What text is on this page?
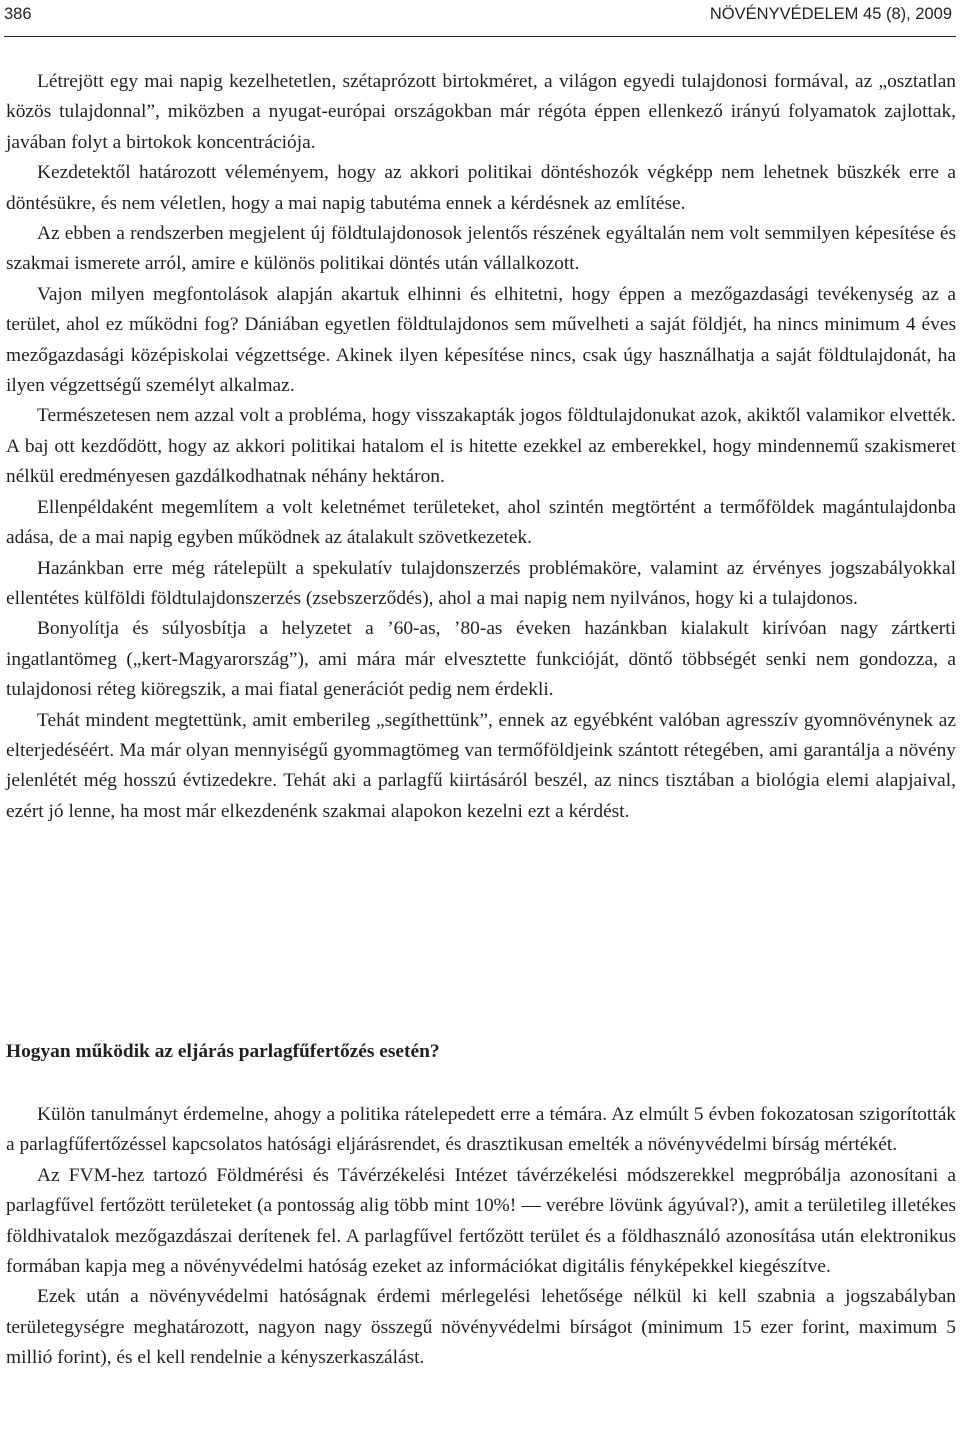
386	NÖVÉNYVÉDELEM 45 (8), 2009

Létrejött egy mai napig kezelhetetlen, szétaprózott birtokméret, a világon egyedi tulajdonosi formával, az „osztatlan közös tulajdonnal”, miközben a nyugat-európai országokban már régóta éppen ellenkező irányú folyamatok zajlottak, javában folyt a birtokok koncentrációja.

Kezdetektől határozott véleményem, hogy az akkori politikai döntéshozók végképp nem lehetnek büszkék erre a döntésükre, és nem véletlen, hogy a mai napig tabutéma ennek a kérdésnek az említése.

Az ebben a rendszerben megjelent új földtulajdonosok jelentős részének egyáltalán nem volt semmilyen képesítése és szakmai ismerete arról, amire e különös politikai döntés után vállalkozott.

Vajon milyen megfontolások alapján akartuk elhinni és elhitetni, hogy éppen a mezőgazdasági tevékenység az a terület, ahol ez működni fog? Dániában egyetlen földtulajdonos sem művelheti a saját földjét, ha nincs minimum 4 éves mezőgazdasági középiskolai végzettsége. Akinek ilyen képesítése nincs, csak úgy használhatja a saját földtulajdonát, ha ilyen végzettségű személyt alkalmaz.

Természetesen nem azzal volt a probléma, hogy visszakapták jogos földtulajdonukat azok, akiktől valamikor elvették. A baj ott kezdődött, hogy az akkori politikai hatalom el is hitette ezekkel az emberekkel, hogy mindennemű szakismeret nélkül eredményesen gazdálkodhatnak néhány hektáron.

Ellenpéldaként megemlítem a volt keletnémet területeket, ahol szintén megtörtént a termőföldek magántulajdonba adása, de a mai napig egyben működnek az átalakult szövetkezetek.

Hazánkban erre még rátelepült a spekulatív tulajdonszerzés problémaköre, valamint az érvényes jogszabályokkal ellentétes külföldi földtulajdonszerzés (zsebszerződés), ahol a mai napig nem nyilvános, hogy ki a tulajdonos.

Bonyolítja és súlyosbítja a helyzetet a ’60-as, ’80-as éveken hazánkban kialakult kirívóan nagy zártkerti ingatlantömeg („kert-Magyarország”), ami mára már elvesztette funkcióját, döntő többségét senki nem gondozza, a tulajdonosi réteg kiöregszik, a mai fiatal generációt pedig nem érdekli.

Tehát mindent megtettünk, amit emberileg „segíthettünk”, ennek az egyébként valóban agresszív gyomnövénynek az elterjedéséért. Ma már olyan mennyiségű gyommagtömeg van termőföldjeink szántott rétegében, ami garantálja a növény jelenlétét még hosszú évtizedekre. Tehát aki a parlagfű kiirtásáról beszél, az nincs tisztában a biológia elemi alapjaival, ezért jó lenne, ha most már elkezdenénk szakmai alapokon kezelni ezt a kérdést.

Hogyan működik az eljárás parlagfűfertőzés esetén?

Külön tanulmányt érdemelne, ahogy a politika rátelepedett erre a témára. Az elmúlt 5 évben fokozatosan szigorították a parlagfűfertőzéssel kapcsolatos hatósági eljárásrendet, és drasztikusan emelték a növényvédelmi bírság mértékét.

Az FVM-hez tartozó Földmérési és Távérzékelési Intézet távérzékelési módszerekkel megpróbálja azonosítani a parlagfűvel fertőzött területeket (a pontosság alig több mint 10%! — verébre lövünk ágyúval?), amit a területileg illetékes földhivatalok mezőgazdászai derítenek fel. A parlagfűvel fertőzött terület és a földhasználó azonosítása után elektronikus formában kapja meg a növényvédelmi hatóság ezeket az információkat digitális fényképekkel kiegészítve.

Ezek után a növényvédelmi hatóságnak érdemi mérlegelési lehetősége nélkül ki kell szabnia a jogszabályban területegységre meghatározott, nagyon nagy összegű növényvédelmi bírságot (minimum 15 ezer forint, maximum 5 millió forint), és el kell rendelnie a kényszerkaszálást.
